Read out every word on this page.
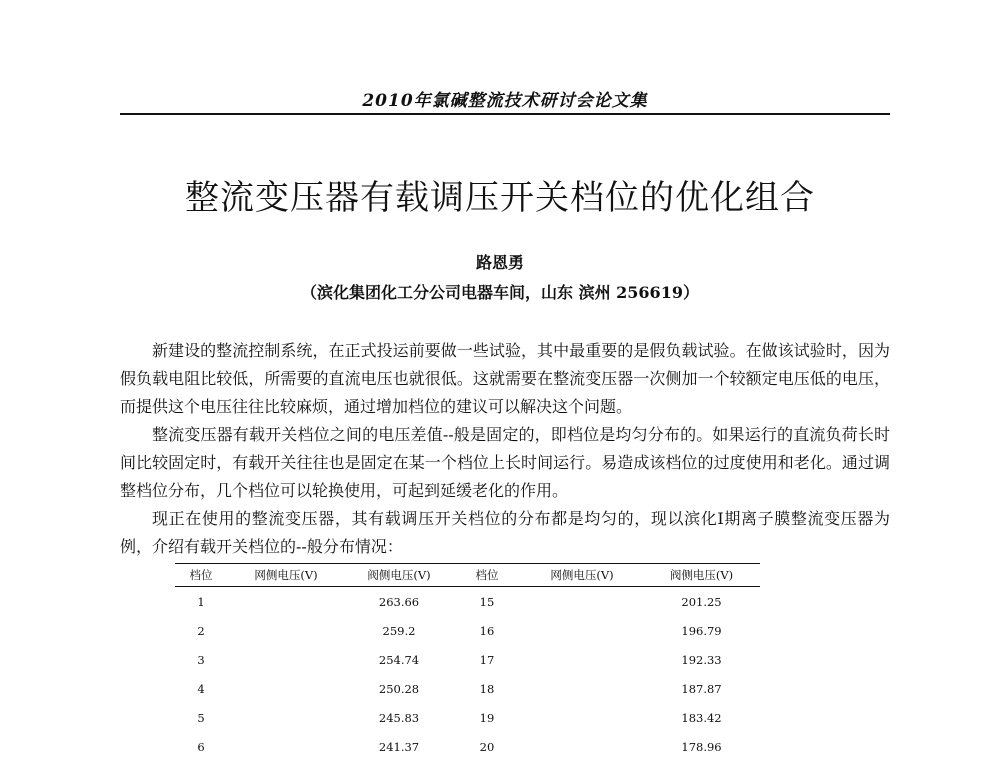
2010年氯碱整流技术研讨会论文集
整流变压器有载调压开关档位的优化组合
路恩勇
（滨化集团化工分公司电器车间，山东 滨州 256619）

新建设的整流控制系统，在正式投运前要做一些试验，其中最重要的是假负载试验。在做该试验时，因为假负载电阻比较低，所需要的直流电压也就很低。这就需要在整流变压器一次侧加一个较额定电压低的电压，而提供这个电压往往比较麻烦，通过增加档位的建议可以解决这个问题。

整流变压器有载开关档位之间的电压差值--般是固定的，即档位是均匀分布的。如果运行的直流负荷长时间比较固定时，有载开关往往也是固定在某一个档位上长时间运行。易造成该档位的过度使用和老化。通过调整档位分布，几个档位可以轮换使用，可起到延缓老化的作用。

现正在使用的整流变压器，其有载调压开关档位的分布都是均匀的，现以滨化Ⅰ期离子膜整流变压器为例，介绍有载开关档位的--般分布情况：

档位	网侧电压(V)	阀侧电压(V)	档位	网侧电压(V)	阀侧电压(V)
1		263.66	15		201.25
2		259.2	16		196.79
3		254.74	17		192.33
4		250.28	18		187.87
5		245.83	19		183.42
6		241.37	20		178.96
